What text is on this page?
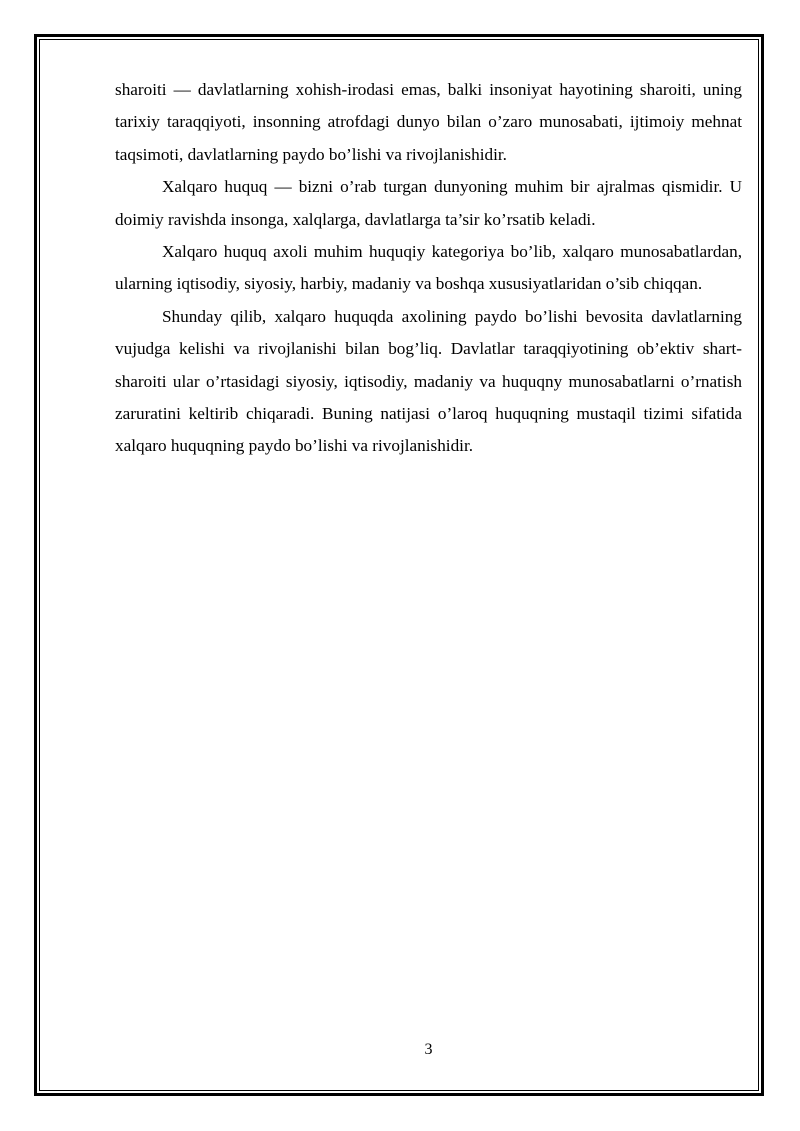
sharoiti — davlatlarning xohish-irodasi emas, balki insoniyat hayotining sharoiti, uning tarixiy taraqqiyoti, insonning atrofdagi dunyo bilan o’zaro munosabati, ijtimoiy mehnat taqsimoti, davlatlarning paydo bo’lishi va rivojlanishidir.

Xalqaro huquq — bizni o’rab turgan dunyoning muhim bir ajralmas qismidir. U doimiy ravishda insonga, xalqlarga, davlatlarga ta’sir ko’rsatib keladi.

Xalqaro huquq axoli muhim huquqiy kategoriya bo’lib, xalqaro munosabatlardan, ularning iqtisodiy, siyosiy, harbiy, madaniy va boshqa xususiyatlaridan o’sib chiqqan.

Shunday qilib, xalqaro huquqda axolining paydo bo’lishi bevosita davlatlarning vujudga kelishi va rivojlanishi bilan bog’liq. Davlatlar taraqqiyotining ob’ektiv shart-sharoiti ular o’rtasidagi siyosiy, iqtisodiy, madaniy va huquqny munosabatlarni o’rnatish zaruratini keltirib chiqaradi. Buning natijasi o’laroq huquqning mustaqil tizimi sifatida xalqaro huquqning paydo bo’lishi va rivojlanishidir.

3
